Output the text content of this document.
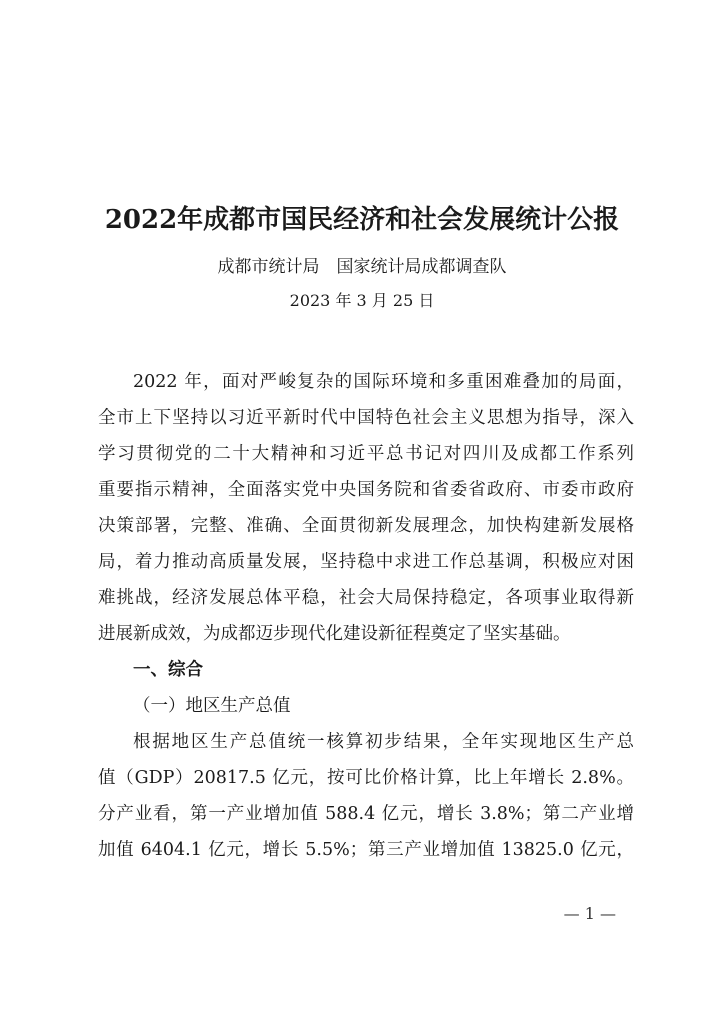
2022年成都市国民经济和社会发展统计公报
成都市统计局　国家统计局成都调查队
2023 年 3 月 25 日
2022 年，面对严峻复杂的国际环境和多重困难叠加的局面，
全市上下坚持以习近平新时代中国特色社会主义思想为指导，深入
学习贯彻党的二十大精神和习近平总书记对四川及成都工作系列
重要指示精神，全面落实党中央国务院和省委省政府、市委市政府
决策部署，完整、准确、全面贯彻新发展理念，加快构建新发展格
局，着力推动高质量发展，坚持稳中求进工作总基调，积极应对困
难挑战，经济发展总体平稳，社会大局保持稳定，各项事业取得新
进展新成效，为成都迈步现代化建设新征程奠定了坚实基础。
一、综合
（一）地区生产总值
根据地区生产总值统一核算初步结果，全年实现地区生产总
值（GDP）20817.5 亿元，按可比价格计算，比上年增长 2.8%。
分产业看，第一产业增加值 588.4 亿元，增长 3.8%；第二产业增
加值 6404.1 亿元，增长 5.5%；第三产业增加值 13825.0 亿元，
— 1 —
